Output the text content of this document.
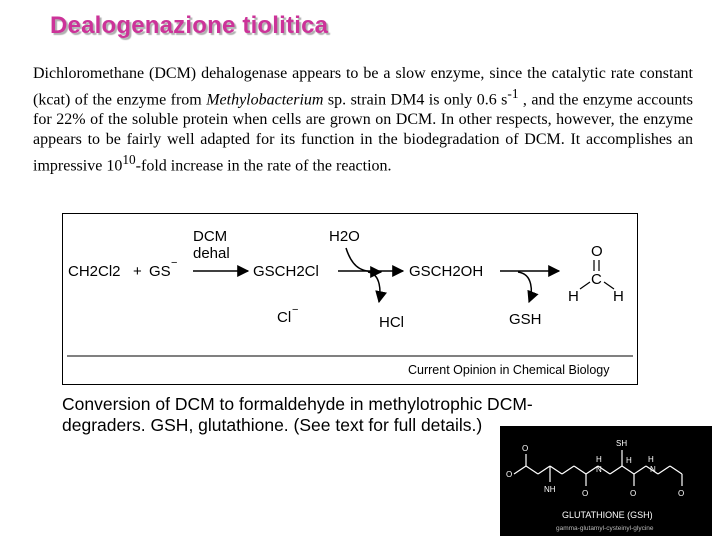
Dealogenazione tiolitica

Dichloromethane (DCM) dehalogenase appears to be a slow enzyme, since the catalytic rate constant (kcat) of the enzyme from Methylobacterium sp. strain DM4 is only 0.6 $s^{-1}$ , and the enzyme accounts for 22% of the soluble protein when cells are grown on DCM. In other respects, however, the enzyme appears to be fairly well adapted for its function in the biodegradation of DCM. It accomplishes an impressive $10^{10}$-fold increase in the rate of the reaction.

CH2Cl2 + GS −
DCM
dehal
GSCH2Cl
Cl −
H2O
HCl
GSCH2OH
GSH
O
C
H H
Current Opinion in Chemical Biology
Conversion of DCM to formaldehyde in methylotrophic DCM-degraders. GSH, glutathione. (See text for full details.)
O
O
NH	O
H
N
SH
H
O
H
N
O
GLUTATHIONE (GSH)
gamma-glutamyl-cysteinyl-glycine
